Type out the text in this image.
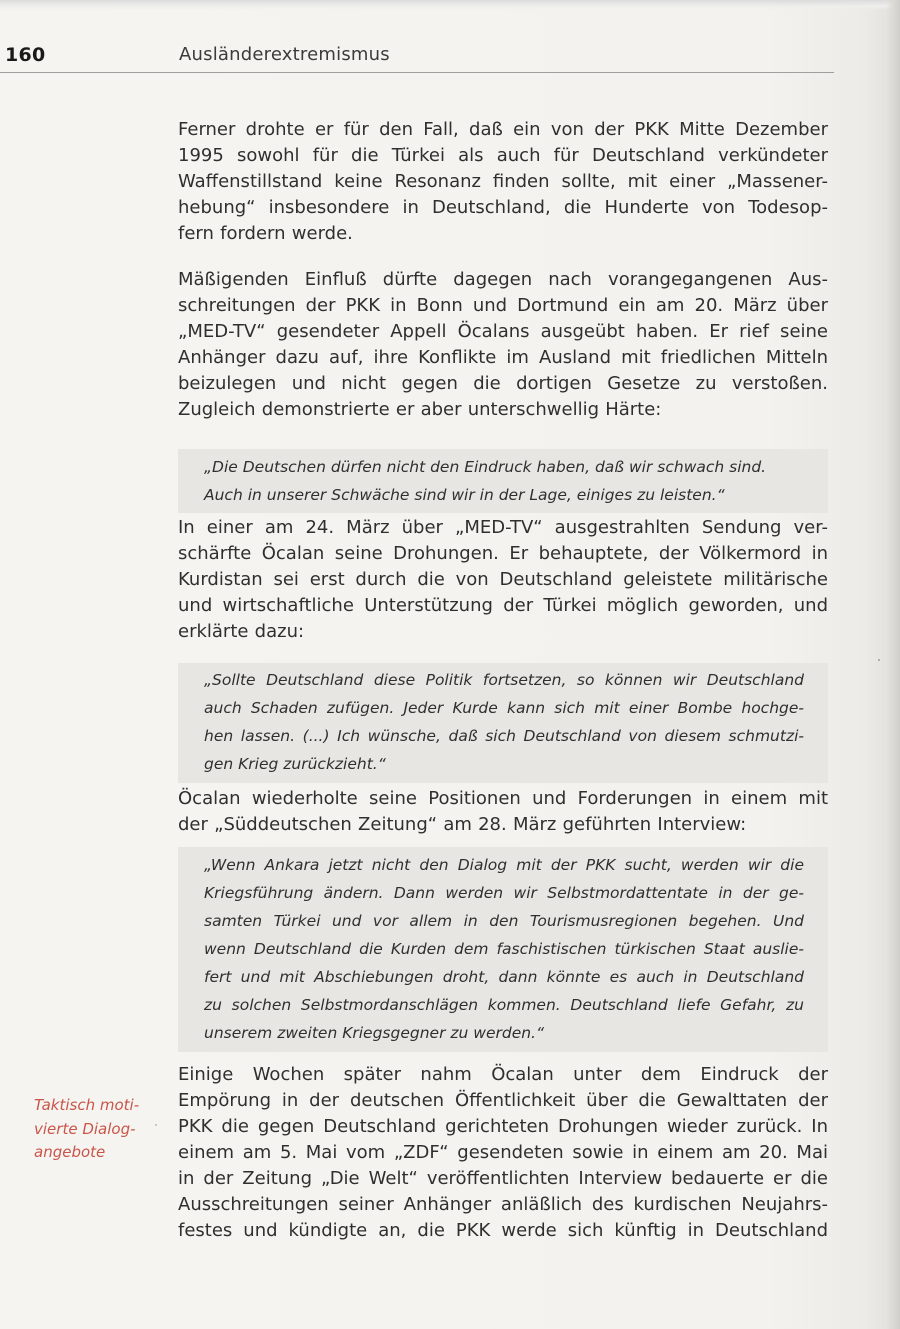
160	Ausländerextremismus

Ferner drohte er für den Fall, daß ein von der PKK Mitte Dezember
1995 sowohl für die Türkei als auch für Deutschland verkündeter
Waffenstillstand keine Resonanz finden sollte, mit einer „Massener-
hebung“ insbesondere in Deutschland, die Hunderte von Todesop-
fern fordern werde.

Mäßigenden Einfluß dürfte dagegen nach vorangegangenen Aus-
schreitungen der PKK in Bonn und Dortmund ein am 20. März über
„MED-TV“ gesendeter Appell Öcalans ausgeübt haben. Er rief seine
Anhänger dazu auf, ihre Konflikte im Ausland mit friedlichen Mitteln
beizulegen und nicht gegen die dortigen Gesetze zu verstoßen.
Zugleich demonstrierte er aber unterschwellig Härte:

„Die Deutschen dürfen nicht den Eindruck haben, daß wir schwach sind.
Auch in unserer Schwäche sind wir in der Lage, einiges zu leisten.“

In einer am 24. März über „MED-TV“ ausgestrahlten Sendung ver-
schärfte Öcalan seine Drohungen. Er behauptete, der Völkermord in
Kurdistan sei erst durch die von Deutschland geleistete militärische
und wirtschaftliche Unterstützung der Türkei möglich geworden, und
erklärte dazu:

„Sollte Deutschland diese Politik fortsetzen, so können wir Deutschland
auch Schaden zufügen. Jeder Kurde kann sich mit einer Bombe hochge-
hen lassen. (...) Ich wünsche, daß sich Deutschland von diesem schmutzi-
gen Krieg zurückzieht.“

Öcalan wiederholte seine Positionen und Forderungen in einem mit
der „Süddeutschen Zeitung“ am 28. März geführten Interview:

„Wenn Ankara jetzt nicht den Dialog mit der PKK sucht, werden wir die
Kriegsführung ändern. Dann werden wir Selbstmordattentate in der ge-
samten Türkei und vor allem in den Tourismusregionen begehen. Und
wenn Deutschland die Kurden dem faschistischen türkischen Staat auslie-
fert und mit Abschiebungen droht, dann könnte es auch in Deutschland
zu solchen Selbstmordanschlägen kommen. Deutschland liefe Gefahr, zu
unserem zweiten Kriegsgegner zu werden.“

Einige Wochen später nahm Öcalan unter dem Eindruck der
Empörung in der deutschen Öffentlichkeit über die Gewalttaten der
PKK die gegen Deutschland gerichteten Drohungen wieder zurück. In
einem am 5. Mai vom „ZDF“ gesendeten sowie in einem am 20. Mai
in der Zeitung „Die Welt“ veröffentlichten Interview bedauerte er die
Ausschreitungen seiner Anhänger anläßlich des kurdischen Neujahrs-
festes und kündigte an, die PKK werde sich künftig in Deutschland

Taktisch moti-
vierte Dialog-
angebote
